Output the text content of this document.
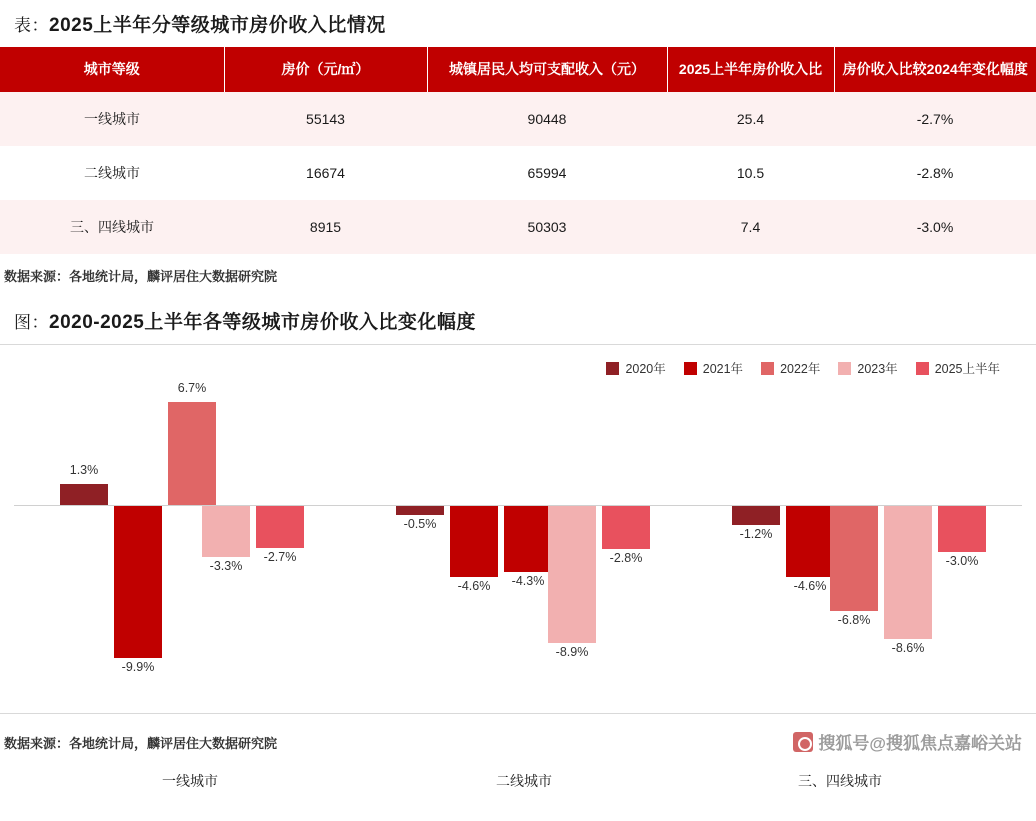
表：2025上半年分等级城市房价收入比情况
城市等级	房价（元/㎡）	城镇居民人均可支配收入（元）	2025上半年房价收入比	房价收入比较2024年变化幅度
一线城市	55143	90448	25.4	-2.7%
二线城市	16674	65994	10.5	-2.8%
三、四线城市	8915	50303	7.4	-3.0%
数据来源：各地统计局，麟评居住大数据研究院
图：2020-2025上半年各等级城市房价收入比变化幅度
2020年	2021年	2022年	2023年	2025上半年
1.3%
-9.9%
6.7%
-3.3%
-2.7%
一线城市
-0.5%
-4.6%	-4.3%
-8.9%
-2.8%
二线城市
-1.2%
-4.6%
-6.8%
-8.6%
-3.0%
三、四线城市
数据来源：各地统计局，麟评居住大数据研究院	搜狐号@搜狐焦点嘉峪关站
